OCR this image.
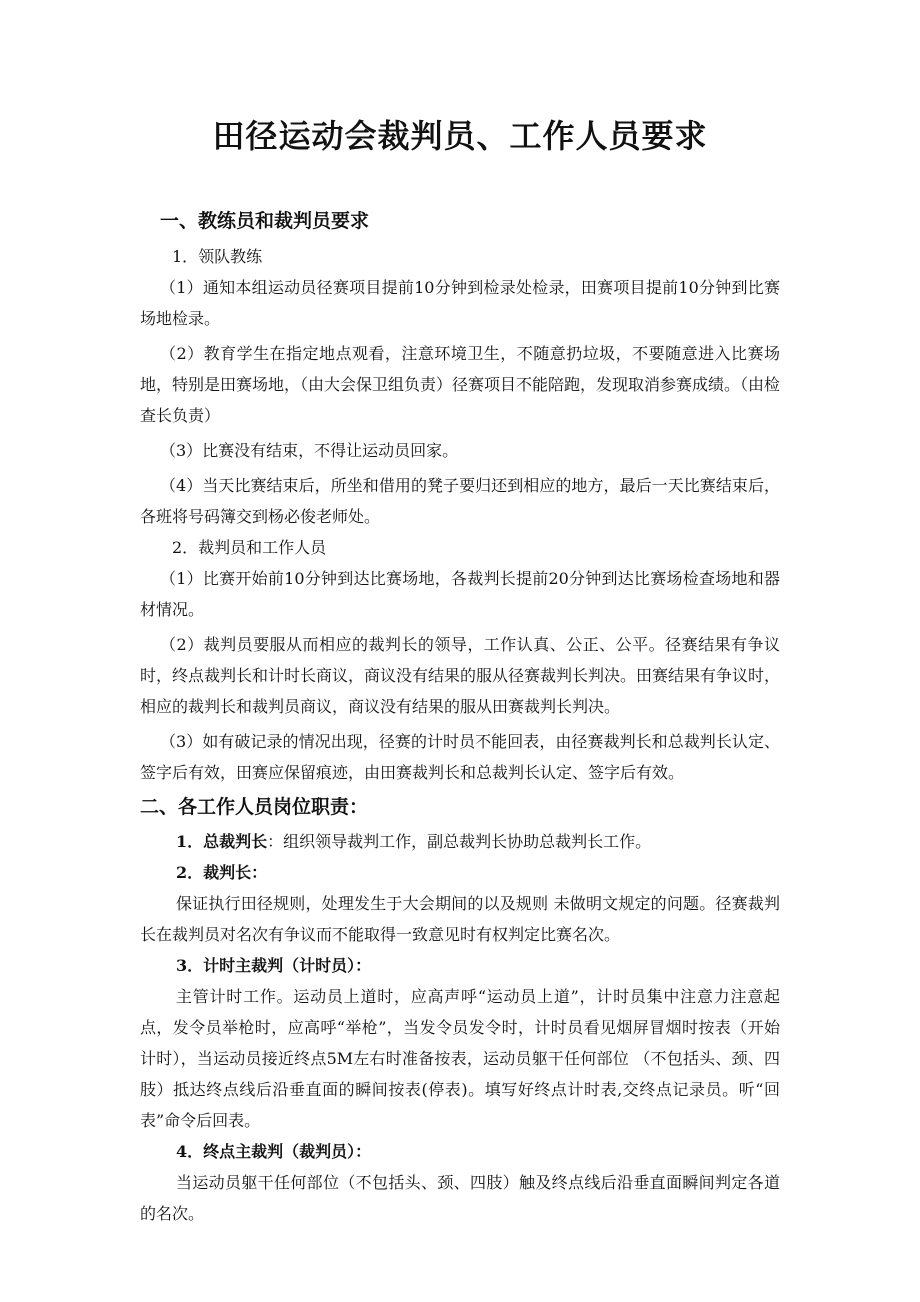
田径运动会裁判员、工作人员要求

一、教练员和裁判员要求

1．领队教练

（1）通知本组运动员径赛项目提前10分钟到检录处检录，田赛项目提前10分钟到比赛场地检录。

（2）教育学生在指定地点观看，注意环境卫生，不随意扔垃圾，不要随意进入比赛场地，特别是田赛场地，（由大会保卫组负责）径赛项目不能陪跑，发现取消参赛成绩。（由检查长负责）

（3）比赛没有结束，不得让运动员回家。

（4）当天比赛结束后，所坐和借用的凳子要归还到相应的地方，最后一天比赛结束后，各班将号码簿交到杨必俊老师处。

2．裁判员和工作人员

（1）比赛开始前10分钟到达比赛场地，各裁判长提前20分钟到达比赛场检查场地和器材情况。

（2）裁判员要服从而相应的裁判长的领导，工作认真、公正、公平。径赛结果有争议时，终点裁判长和计时长商议，商议没有结果的服从径赛裁判长判决。田赛结果有争议时，相应的裁判长和裁判员商议，商议没有结果的服从田赛裁判长判决。

（3）如有破记录的情况出现，径赛的计时员不能回表，由径赛裁判长和总裁判长认定、签字后有效，田赛应保留痕迹，由田赛裁判长和总裁判长认定、签字后有效。

二、各工作人员岗位职责：

1．总裁判长：组织领导裁判工作，副总裁判长协助总裁判长工作。

2．裁判长：

保证执行田径规则，处理发生于大会期间的以及规则 未做明文规定的问题。径赛裁判长在裁判员对名次有争议而不能取得一致意见时有权判定比赛名次。

3．计时主裁判（计时员）：

主管计时工作。运动员上道时，应高声呼“运动员上道”，计时员集中注意力注意起点，发令员举枪时，应高呼“举枪”，当发令员发令时，计时员看见烟屏冒烟时按表（开始计时），当运动员接近终点5M左右时准备按表，运动员躯干任何部位 （不包括头、颈、四肢）抵达终点线后沿垂直面的瞬间按表(停表)。填写好终点计时表,交终点记录员。听“回表”命令后回表。

4．终点主裁判（裁判员）：

当运动员躯干任何部位（不包括头、颈、四肢）触及终点线后沿垂直面瞬间判定各道的名次。
